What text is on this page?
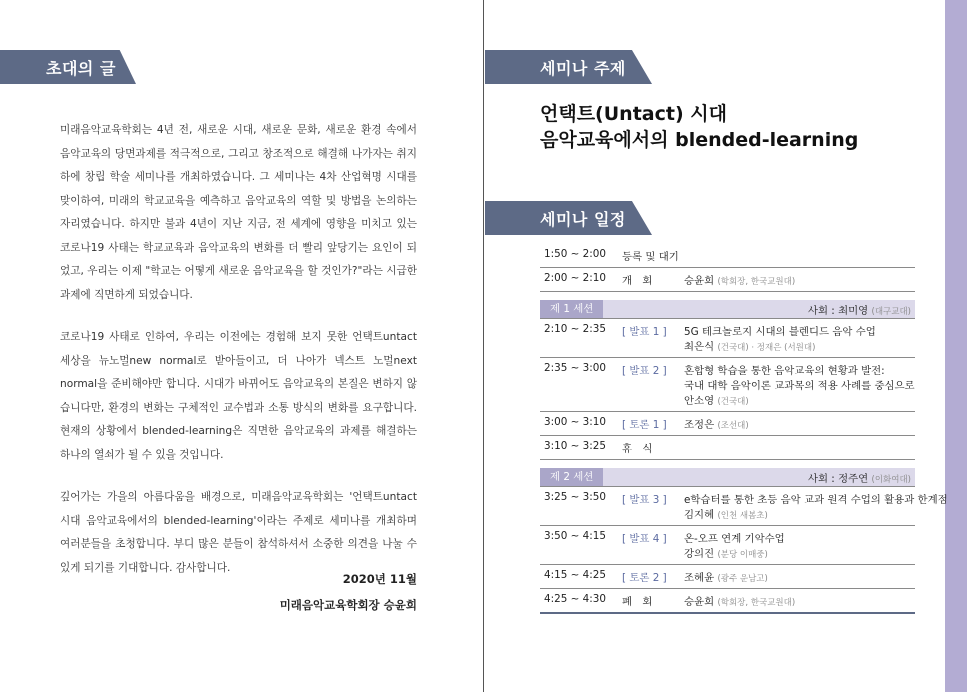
초대의 글

미래음악교육학회는 4년 전, 새로운 시대, 새로운 문화, 새로운 환경 속에서 음악교육의 당면과제를 적극적으로, 그리고 창조적으로 해결해 나가자는 취지하에 창립 학술 세미나를 개최하였습니다. 그 세미나는 4차 산업혁명 시대를 맞이하여, 미래의 학교교육을 예측하고 음악교육의 역할 및 방법을 논의하는 자리였습니다. 하지만 불과 4년이 지난 지금, 전 세계에 영향을 미치고 있는 코로나19 사태는 학교교육과 음악교육의 변화를 더 빨리 앞당기는 요인이 되었고, 우리는 이제 "학교는 어떻게 새로운 음악교육을 할 것인가?"라는 시급한 과제에 직면하게 되었습니다.

코로나19 사태로 인하여, 우리는 이전에는 경험해 보지 못한 언택트untact 세상을 뉴노멀new normal로 받아들이고, 더 나아가 넥스트 노멀next normal을 준비해야만 합니다. 시대가 바뀌어도 음악교육의 본질은 변하지 않습니다만, 환경의 변화는 구체적인 교수법과 소통 방식의 변화를 요구합니다. 현재의 상황에서 blended-learning은 직면한 음악교육의 과제를 해결하는 하나의 열쇠가 될 수 있을 것입니다.

깊어가는 가을의 아름다움을 배경으로, 미래음악교육학회는 '언택트untact 시대 음악교육에서의 blended-learning'이라는 주제로 세미나를 개최하며 여러분들을 초청합니다. 부디 많은 분들이 참석하셔서 소중한 의견을 나눌 수 있게 되기를 기대합니다. 감사합니다.

2020년 11월
미래음악교육학회장 승윤희
세미나 주제
언택트(Untact) 시대
음악교육에서의 blended-learning
세미나 일정
1:50 ~ 2:00	등록 및 대기
2:00 ~ 2:10	개　회	승윤희 (학회장, 한국교원대)
제 1 세션	사회 : 최미영 (대구교대)
2:10 ~ 2:35	[ 발표 1 ]	5G 테크놀로지 시대의 블렌디드 음악 수업
최은식 (건국대) · 정재은 (서원대)
2:35 ~ 3:00	[ 발표 2 ]	혼합형 학습을 통한 음악교육의 현황과 발전:
국내 대학 음악이론 교과목의 적용 사례를 중심으로
안소영 (건국대)
3:00 ~ 3:10	[ 토론 1 ]	조정은 (조선대)
3:10 ~ 3:25	휴　식
제 2 세션	사회 : 정주연 (이화여대)
3:25 ~ 3:50	[ 발표 3 ]	e학습터를 통한 초등 음악 교과 원격 수업의 활용과 한계점
김지혜 (인천 새봄초)
3:50 ~ 4:15	[ 발표 4 ]	온-오프 연계 기악수업
강의진 (분당 이매중)
4:15 ~ 4:25	[ 토론 2 ]	조혜윤 (광주 운남고)
4:25 ~ 4:30	폐　회	승윤희 (학회장, 한국교원대)
